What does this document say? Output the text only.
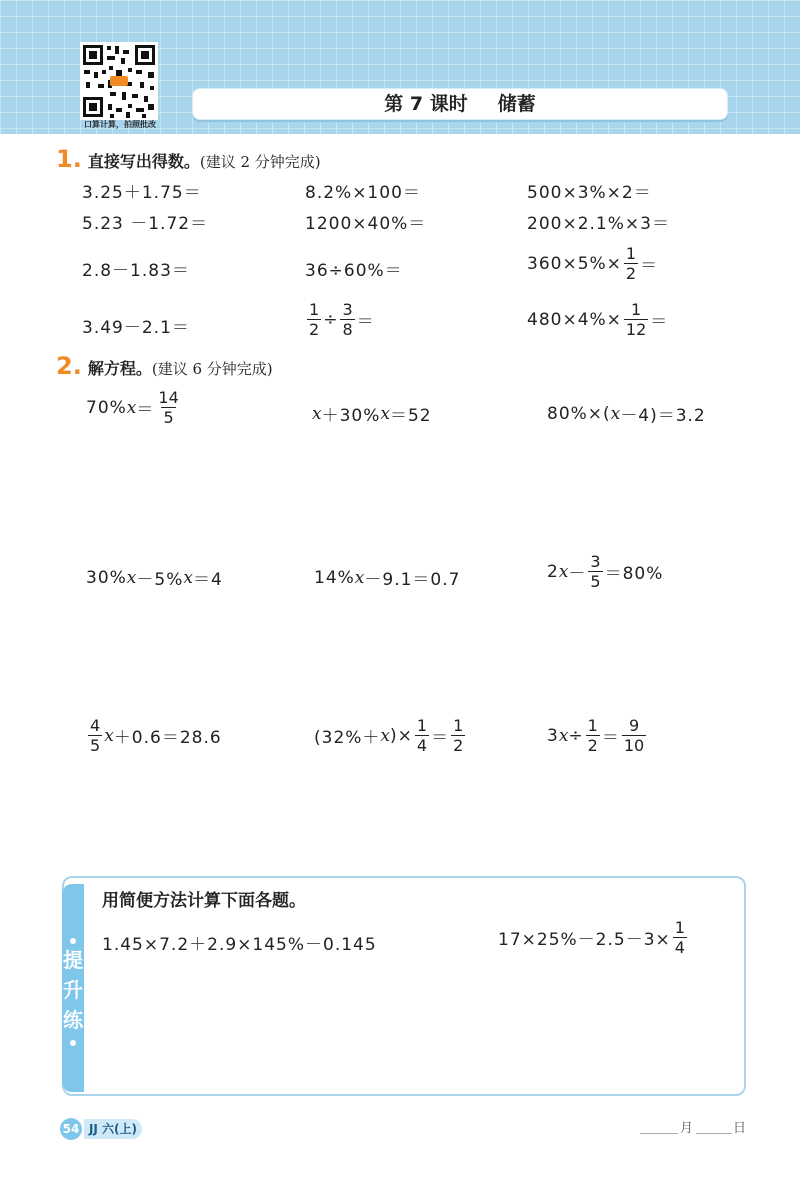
口算计算，拍照批改
第 7 课时 储蓄
1. 直接写出得数。(建议 2 分钟完成)
3.25＋1.75＝	8.2%×100＝	500×3%×2＝
5.23 －1.72＝	1200×40%＝	200×2.1%×3＝
2.8－1.83＝	36÷60%＝	$360\times 5\%\times \frac{1}{2}$ ＝
3.49－2.1＝	$\frac{1}{2} \div \frac{3}{8}$ ＝	$480\times 4\%\times \frac{1}{12}$ ＝
2. 解方程。(建议 6 分钟完成)
70% $x = \frac{14}{5}$	x ＋30% x ＝52	80%×( x －4)＝3.2
30% x －5% x ＝4	14% x －9.1＝0.7	2 $x - \frac{3}{5} =80\%$
$\frac{4}{5}$ x ＋0.6＝28.6	(32%＋ x )× $\frac{1}{4} = \frac{1}{2}$	3 $x \div \frac{1}{2} = \frac{9}{10}$
提
升
练
用简便方法计算下面各题。
1.45×7.2＋2.9×145%－0.145	$17\times 25\%-2.5-3\times \frac{1}{4}$
54 JJ 六(上)	月	日
